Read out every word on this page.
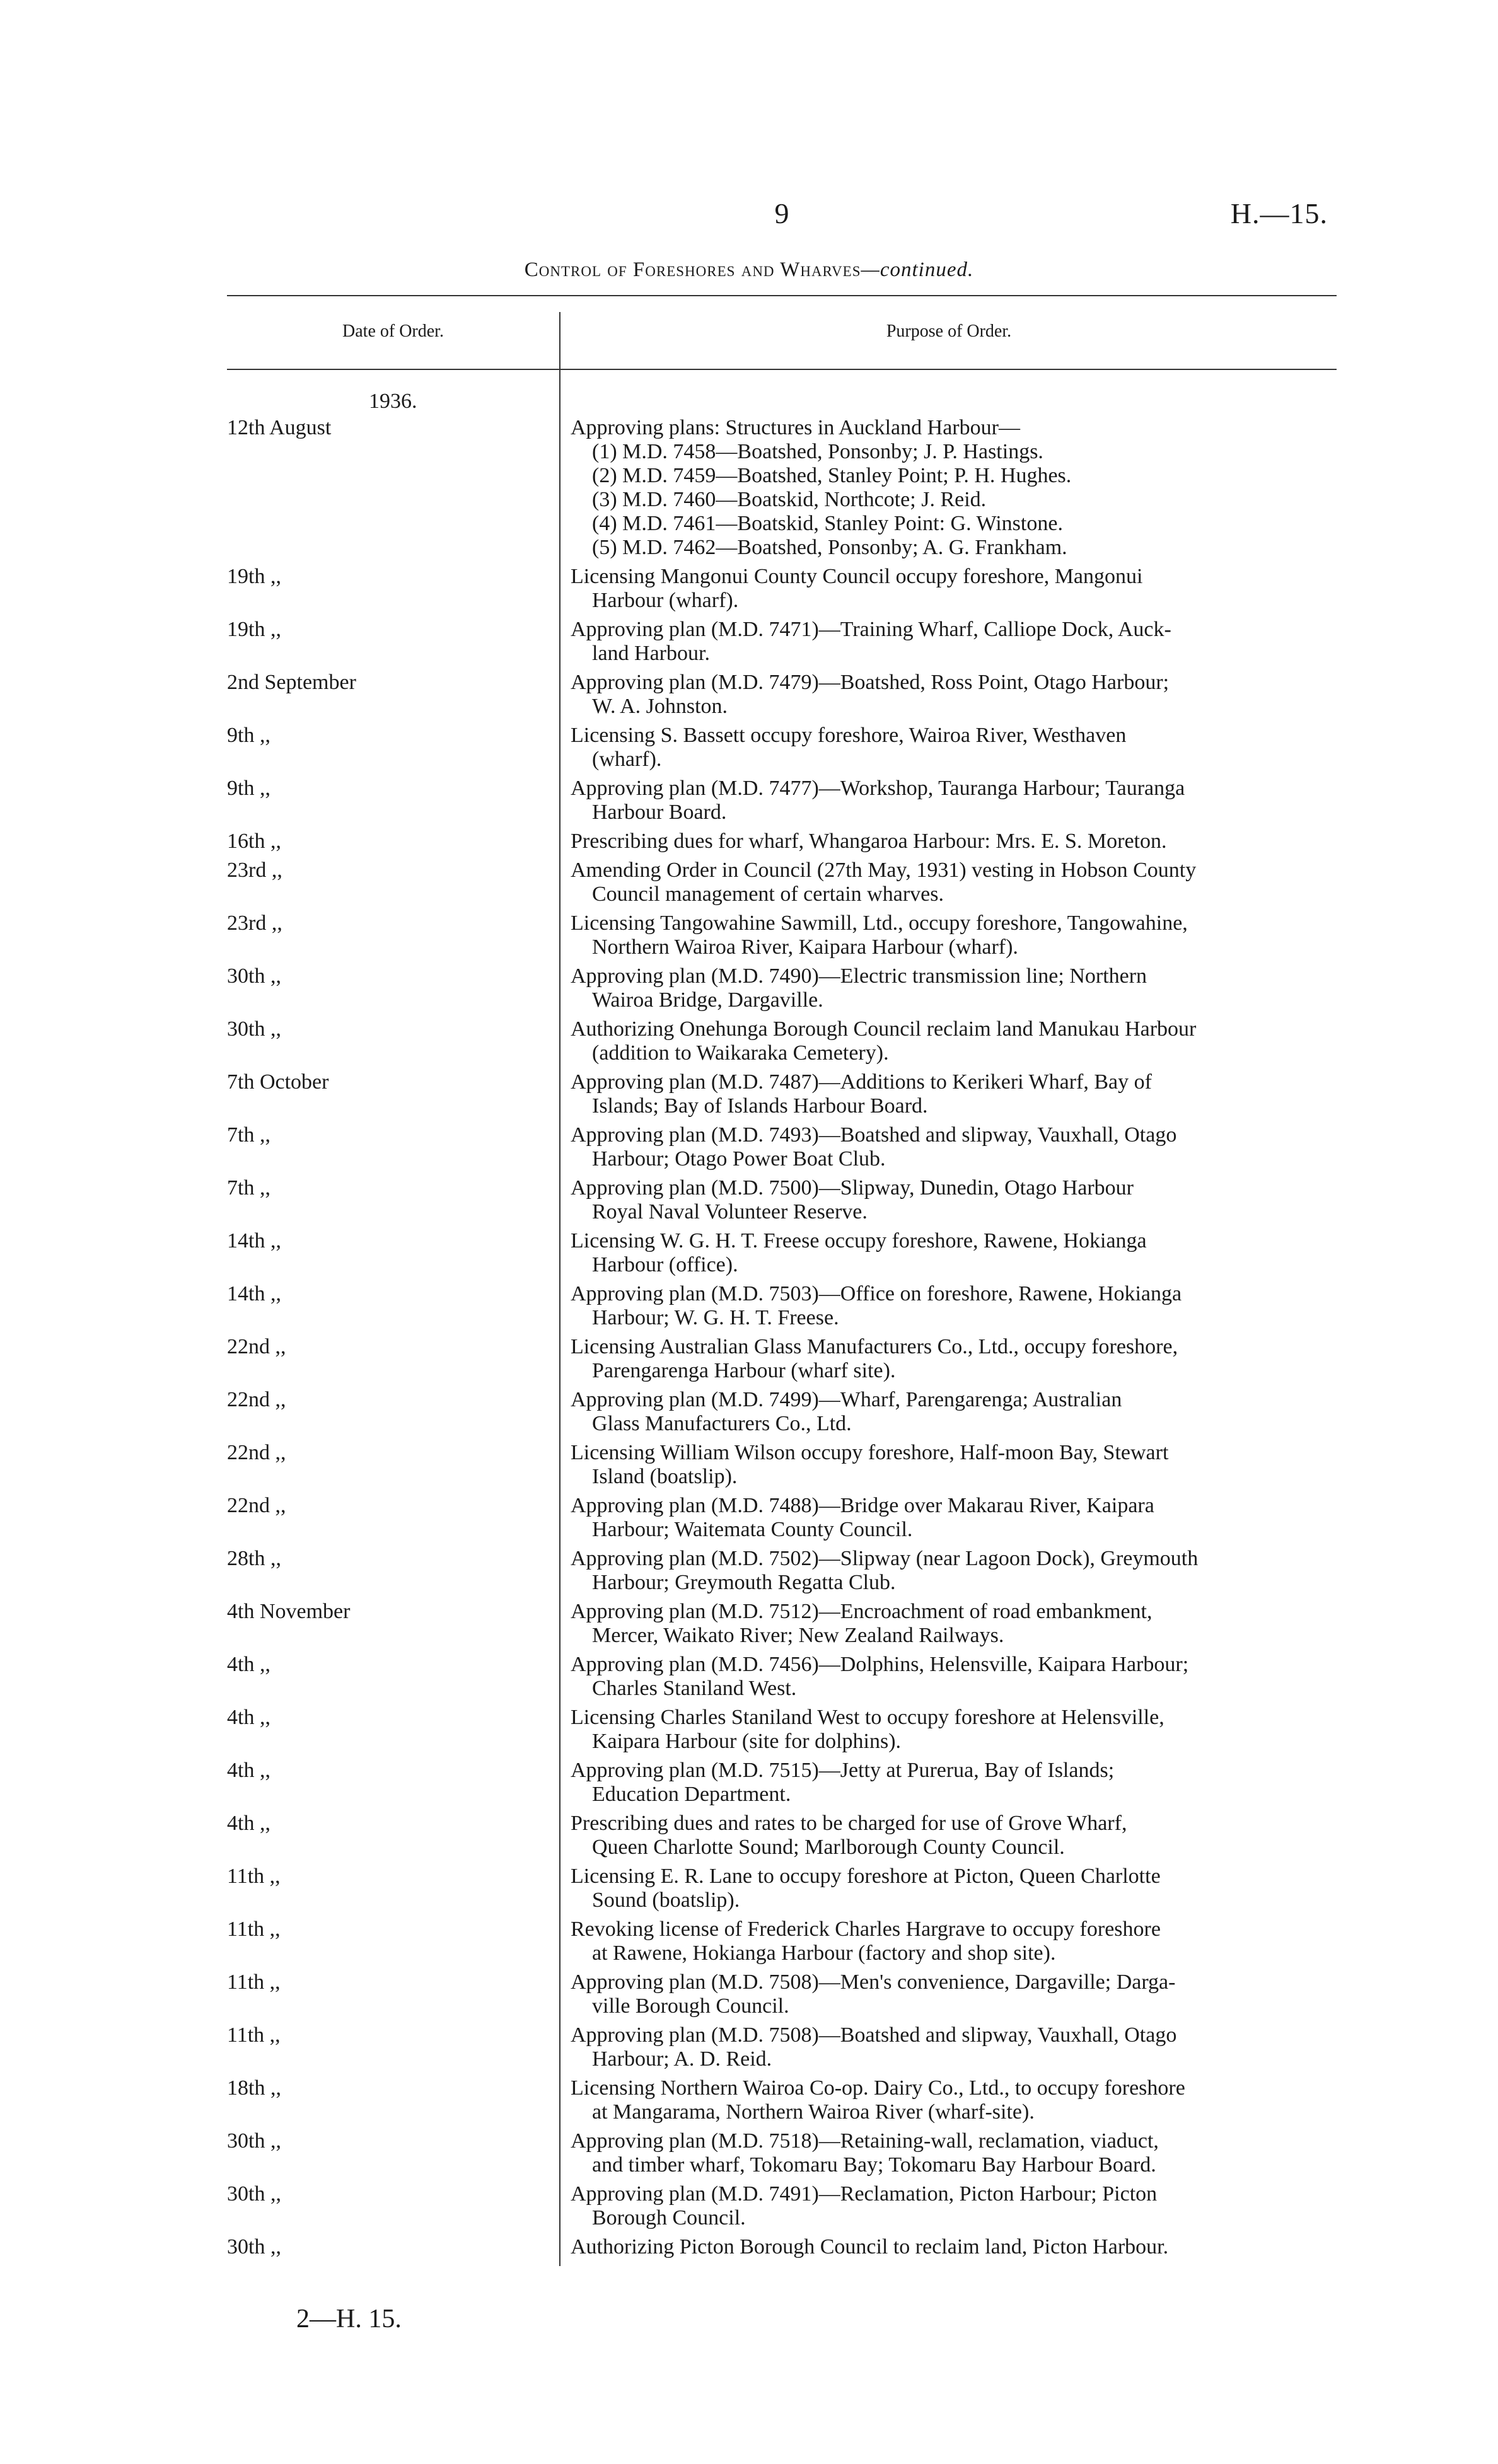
9	H.—15.
Control of Foreshores and Wharves—continued.
Date of Order.	Purpose of Order.
1936.
12th August	Approving plans: Structures in Auckland Harbour—
(1) M.D. 7458—Boatshed, Ponsonby; J. P. Hastings.
(2) M.D. 7459—Boatshed, Stanley Point; P. H. Hughes.
(3) M.D. 7460—Boatskid, Northcote; J. Reid.
(4) M.D. 7461—Boatskid, Stanley Point: G. Winstone.
(5) M.D. 7462—Boatshed, Ponsonby; A. G. Frankham.
19th ,,	Licensing Mangonui County Council occupy foreshore, Mangonui
Harbour (wharf).
19th ,,	Approving plan (M.D. 7471)—Training Wharf, Calliope Dock, Auck-
land Harbour.
2nd September	Approving plan (M.D. 7479)—Boatshed, Ross Point, Otago Harbour;
W. A. Johnston.
9th ,,	Licensing S. Bassett occupy foreshore, Wairoa River, Westhaven
(wharf).
9th ,,	Approving plan (M.D. 7477)—Workshop, Tauranga Harbour; Tauranga
Harbour Board.
16th ,,	Prescribing dues for wharf, Whangaroa Harbour: Mrs. E. S. Moreton.
23rd ,,	Amending Order in Council (27th May, 1931) vesting in Hobson County
Council management of certain wharves.
23rd ,,	Licensing Tangowahine Sawmill, Ltd., occupy foreshore, Tangowahine,
Northern Wairoa River, Kaipara Harbour (wharf).
30th ,,	Approving plan (M.D. 7490)—Electric transmission line; Northern
Wairoa Bridge, Dargaville.
30th ,,	Authorizing Onehunga Borough Council reclaim land Manukau Harbour
(addition to Waikaraka Cemetery).
7th October	Approving plan (M.D. 7487)—Additions to Kerikeri Wharf, Bay of
Islands; Bay of Islands Harbour Board.
7th ,,	Approving plan (M.D. 7493)—Boatshed and slipway, Vauxhall, Otago
Harbour; Otago Power Boat Club.
7th ,,	Approving plan (M.D. 7500)—Slipway, Dunedin, Otago Harbour
Royal Naval Volunteer Reserve.
14th ,,	Licensing W. G. H. T. Freese occupy foreshore, Rawene, Hokianga
Harbour (office).
14th ,,	Approving plan (M.D. 7503)—Office on foreshore, Rawene, Hokianga
Harbour; W. G. H. T. Freese.
22nd ,,	Licensing Australian Glass Manufacturers Co., Ltd., occupy foreshore,
Parengarenga Harbour (wharf site).
22nd ,,	Approving plan (M.D. 7499)—Wharf, Parengarenga; Australian
Glass Manufacturers Co., Ltd.
22nd ,,	Licensing William Wilson occupy foreshore, Half-moon Bay, Stewart
Island (boatslip).
22nd ,,	Approving plan (M.D. 7488)—Bridge over Makarau River, Kaipara
Harbour; Waitemata County Council.
28th ,,	Approving plan (M.D. 7502)—Slipway (near Lagoon Dock), Greymouth
Harbour; Greymouth Regatta Club.
4th November	Approving plan (M.D. 7512)—Encroachment of road embankment,
Mercer, Waikato River; New Zealand Railways.
4th ,,	Approving plan (M.D. 7456)—Dolphins, Helensville, Kaipara Harbour;
Charles Staniland West.
4th ,,	Licensing Charles Staniland West to occupy foreshore at Helensville,
Kaipara Harbour (site for dolphins).
4th ,,	Approving plan (M.D. 7515)—Jetty at Purerua, Bay of Islands;
Education Department.
4th ,,	Prescribing dues and rates to be charged for use of Grove Wharf,
Queen Charlotte Sound; Marlborough County Council.
11th ,,	Licensing E. R. Lane to occupy foreshore at Picton, Queen Charlotte
Sound (boatslip).
11th ,,	Revoking license of Frederick Charles Hargrave to occupy foreshore
at Rawene, Hokianga Harbour (factory and shop site).
11th ,,	Approving plan (M.D. 7508)—Men's convenience, Dargaville; Darga-
ville Borough Council.
11th ,,	Approving plan (M.D. 7508)—Boatshed and slipway, Vauxhall, Otago
Harbour; A. D. Reid.
18th ,,	Licensing Northern Wairoa Co-op. Dairy Co., Ltd., to occupy foreshore
at Mangarama, Northern Wairoa River (wharf-site).
30th ,,	Approving plan (M.D. 7518)—Retaining-wall, reclamation, viaduct,
and timber wharf, Tokomaru Bay; Tokomaru Bay Harbour Board.
30th ,,	Approving plan (M.D. 7491)—Reclamation, Picton Harbour; Picton
Borough Council.
30th ,,	Authorizing Picton Borough Council to reclaim land, Picton Harbour.
2—H. 15.
